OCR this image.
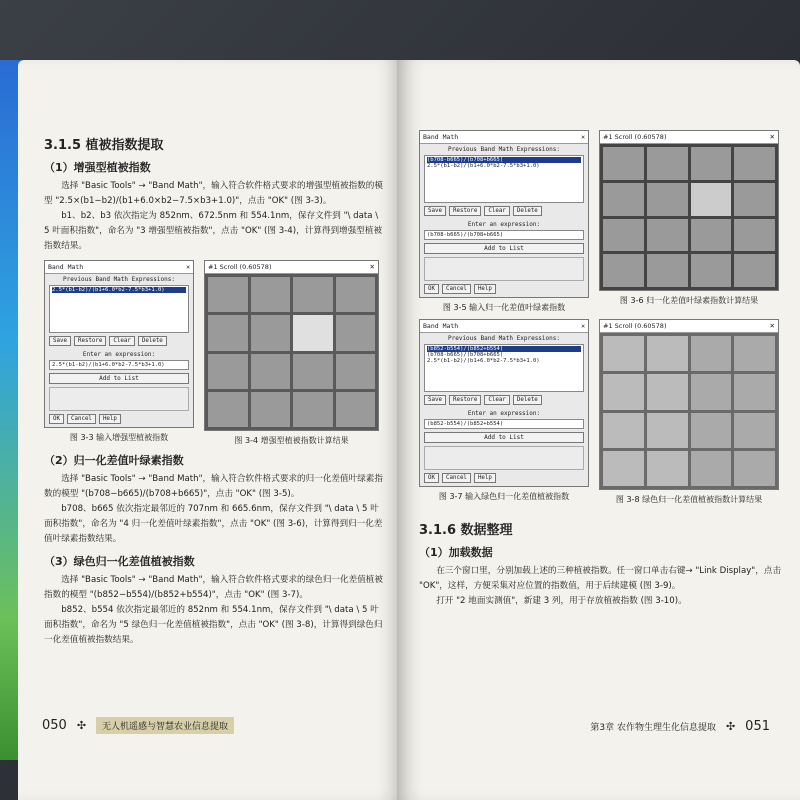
3.1.5 植被指数提取
（1）增强型植被指数

选择 "Basic Tools" → "Band Math"，输入符合软件格式要求的增强型植被指数的模型 "2.5×(b1−b2)/(b1+6.0×b2−7.5×b3+1.0)"，点击 "OK" (图 3-3)。

b1、b2、b3 依次指定为 852nm、672.5nm 和 554.1nm，保存文件到 "\ data \ 5 叶面积指数"，命名为 "3 增强型植被指数"，点击 "OK" (图 3-4)，计算得到增强型植被指数结果。

Band Math	✕
Previous Band Math Expressions:
2.5*(b1-b2)/(b1+6.0*b2-7.5*b3+1.0)
Save	Restore	Clear	Delete
Enter an expression:
2.5*(b1-b2)/(b1+6.0*b2-7.5*b3+1.0)
Add to List
OK	Cancel	Help
图 3-3 输入增强型植被指数
#1 Scroll (0.60578)	✕
图 3-4 增强型植被指数计算结果
（2）归一化差值叶绿素指数

选择 "Basic Tools" → "Band Math"，输入符合软件格式要求的归一化差值叶绿素指数的模型 "(b708−b665)/(b708+b665)"，点击 "OK" (图 3-5)。

b708、b665 依次指定最邻近的 707nm 和 665.6nm，保存文件到 "\ data \ 5 叶面积指数"，命名为 "4 归一化差值叶绿素指数"，点击 "OK" (图 3-6)，计算得到归一化差值叶绿素指数结果。

（3）绿色归一化差值植被指数

选择 "Basic Tools" → "Band Math"，输入符合软件格式要求的绿色归一化差值植被指数的模型 "(b852−b554)/(b852+b554)"，点击 "OK" (图 3-7)。

b852、b554 依次指定最邻近的 852nm 和 554.1nm，保存文件到 "\ data \ 5 叶面积指数"，命名为 "5 绿色归一化差值植被指数"，点击 "OK" (图 3-8)，计算得到绿色归一化差值植被指数结果。

050 ✣	无人机遥感与智慧农业信息提取
Band Math	✕
Previous Band Math Expressions:
(b708-b665)/(b708+b665)
2.5*(b1-b2)/(b1+6.0*b2-7.5*b3+1.0)
Save	Restore	Clear	Delete
Enter an expression:
(b708-b665)/(b708+b665)
Add to List
OK	Cancel	Help
图 3-5 输入归一化差值叶绿素指数
#1 Scroll (0.60578)	✕
图 3-6 归一化差值叶绿素指数计算结果
Band Math	✕
Previous Band Math Expressions:
(b852-b554)/(b852+b554)
(b708-b665)/(b708+b665)
2.5*(b1-b2)/(b1+6.0*b2-7.5*b3+1.0)
Save	Restore	Clear	Delete
Enter an expression:
(b852-b554)/(b852+b554)
Add to List
OK	Cancel	Help
图 3-7 输入绿色归一化差值植被指数
#1 Scroll (0.60578)	✕
图 3-8 绿色归一化差值植被指数计算结果
3.1.6 数据整理
（1）加载数据

在三个窗口里，分别加载上述的三种植被指数。任一窗口单击右键→ "Link Display"，点击 "OK"，这样，方便采集对应位置的指数值，用于后续建模 (图 3-9)。

打开 "2 地面实测值"，新建 3 列，用于存放植被指数 (图 3-10)。

第3章 农作物生理生化信息提取 ✣ 051
